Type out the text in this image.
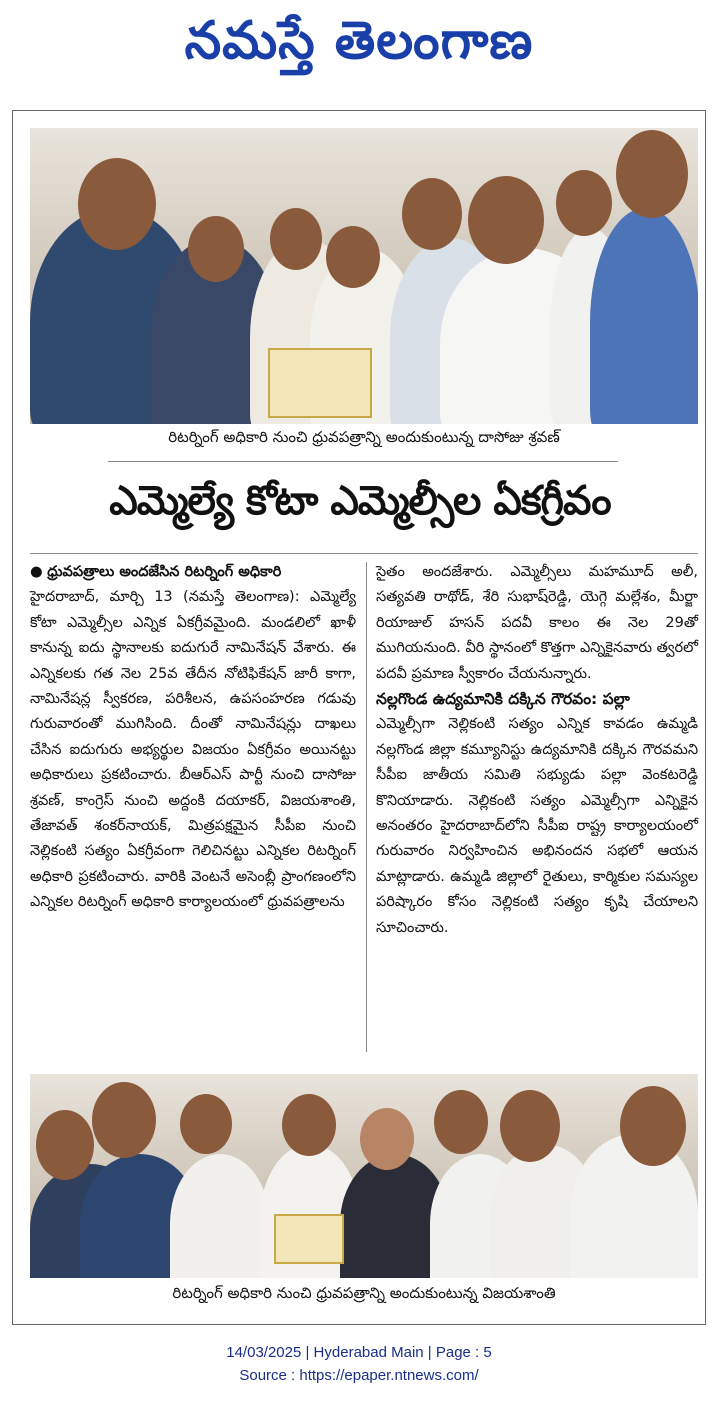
నమస్తే తెలంగాణ
రిటర్నింగ్ అధికారి నుంచి ధ్రువపత్రాన్ని అందుకుంటున్న దాసోజు శ్రవణ్
ఎమ్మెల్యే కోటా ఎమ్మెల్సీల ఏకగ్రీవం

● ధ్రువపత్రాలు అందజేసిన రిటర్నింగ్ అధికారి

హైదరాబాద్, మార్చి 13 (నమస్తే తెలంగాణ): ఎమ్మెల్యే కోటా ఎమ్మెల్సీల ఎన్నిక ఏకగ్రీవమైంది. మండలిలో ఖాళీ కానున్న ఐదు స్థానాలకు ఐదుగురే నామినేషన్ వేశారు. ఈ ఎన్నికలకు గత నెల 25వ తేదీన నోటిఫికేషన్ జారీ కాగా, నామినేషన్ల స్వీకరణ, పరిశీలన, ఉపసంహరణ గడువు గురువారంతో ముగిసింది. దీంతో నామినేషన్లు దాఖలు చేసిన ఐదుగురు అభ్యర్థుల విజయం ఏకగ్రీవం అయినట్టు అధికారులు ప్రకటించారు. బీఆర్ఎస్ పార్టీ నుంచి దాసోజు శ్రవణ్, కాంగ్రెస్ నుంచి అద్దంకి దయాకర్, విజయశాంతి, తేజావత్ శంకర్‌నాయక్, మిత్రపక్షమైన సీపీఐ నుంచి నెల్లికంటి సత్యం ఏకగ్రీవంగా గెలిచినట్టు ఎన్నికల రిటర్నింగ్ అధికారి ప్రకటించారు. వారికి వెంటనే అసెంబ్లీ ప్రాంగణంలోని ఎన్నికల రిటర్నింగ్ అధికారి కార్యాలయంలో ధ్రువపత్రాలను

సైతం అందజేశారు. ఎమ్మెల్సీలు మహమూద్ అలీ, సత్యవతి రాథోడ్, శేరి సుభాష్‌రెడ్డి, యెగ్గె మల్లేశం, మీర్జా రియాజుల్ హసన్ పదవీ కాలం ఈ నెల 29తో ముగియనుంది. వీరి స్థానంలో కొత్తగా ఎన్నికైనవారు త్వరలో పదవీ ప్రమాణ స్వీకారం చేయనున్నారు.

నల్లగొండ ఉద్యమానికి దక్కిన గౌరవం: పల్లా

ఎమ్మెల్సీగా నెల్లికంటి సత్యం ఎన్నిక కావడం ఉమ్మడి నల్లగొండ జిల్లా కమ్యూనిస్టు ఉద్యమానికి దక్కిన గౌరవమని సీపీఐ జాతీయ సమితి సభ్యుడు పల్లా వెంకటరెడ్డి కొనియాడారు. నెల్లికంటి సత్యం ఎమ్మెల్సీగా ఎన్నికైన అనంతరం హైదరాబాద్‌లోని సీపీఐ రాష్ట్ర కార్యాలయంలో గురువారం నిర్వహించిన అభినందన సభలో ఆయన మాట్లాడారు. ఉమ్మడి జిల్లాలో రైతులు, కార్మికుల సమస్యల పరిష్కారం కోసం నెల్లికంటి సత్యం కృషి చేయాలని సూచించారు.

రిటర్నింగ్ అధికారి నుంచి ధ్రువపత్రాన్ని అందుకుంటున్న విజయశాంతి
14/03/2025 | Hyderabad Main | Page : 5
Source : https://epaper.ntnews.com/
